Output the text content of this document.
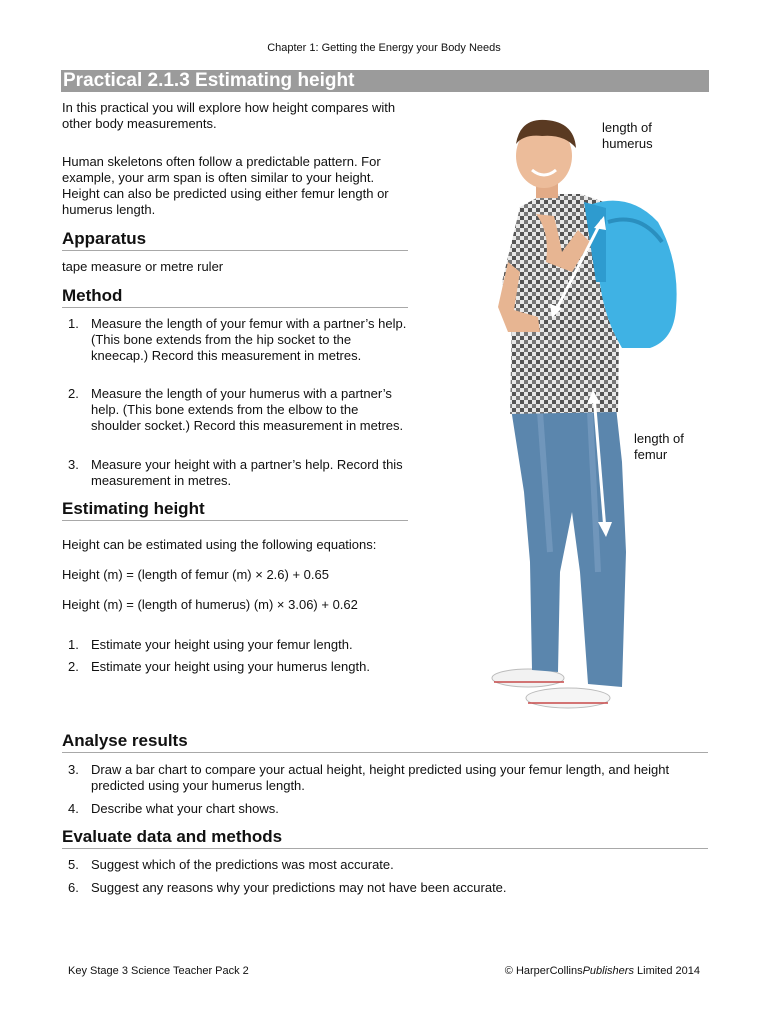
Chapter 1: Getting the Energy your Body Needs
Practical 2.1.3 Estimating height
In this practical you will explore how height compares with other body measurements.
Human skeletons often follow a predictable pattern. For example, your arm span is often similar to your height. Height can also be predicted using either femur length or humerus length.
Apparatus
tape measure or metre ruler
Method
1. Measure the length of your femur with a partner’s help. (This bone extends from the hip socket to the kneecap.) Record this measurement in metres.
2. Measure the length of your humerus with a partner’s help. (This bone extends from the elbow to the shoulder socket.) Record this measurement in metres.
3. Measure your height with a partner’s help. Record this measurement in metres.
Estimating height
Height can be estimated using the following equations:
Height (m) = (length of femur (m) × 2.6) + 0.65
Height (m) = (length of humerus) (m) × 3.06) + 0.62
1. Estimate your height using your femur length.
2. Estimate your height using your humerus length.
Analyse results
3. Draw a bar chart to compare your actual height, height predicted using your femur length, and height predicted using your humerus length.
4. Describe what your chart shows.
Evaluate data and methods
5. Suggest which of the predictions was most accurate.
6. Suggest any reasons why your predictions may not have been accurate.
length of humerus
length of femur
Key Stage 3 Science Teacher Pack 2	© HarperCollinsPublishers Limited 2014
